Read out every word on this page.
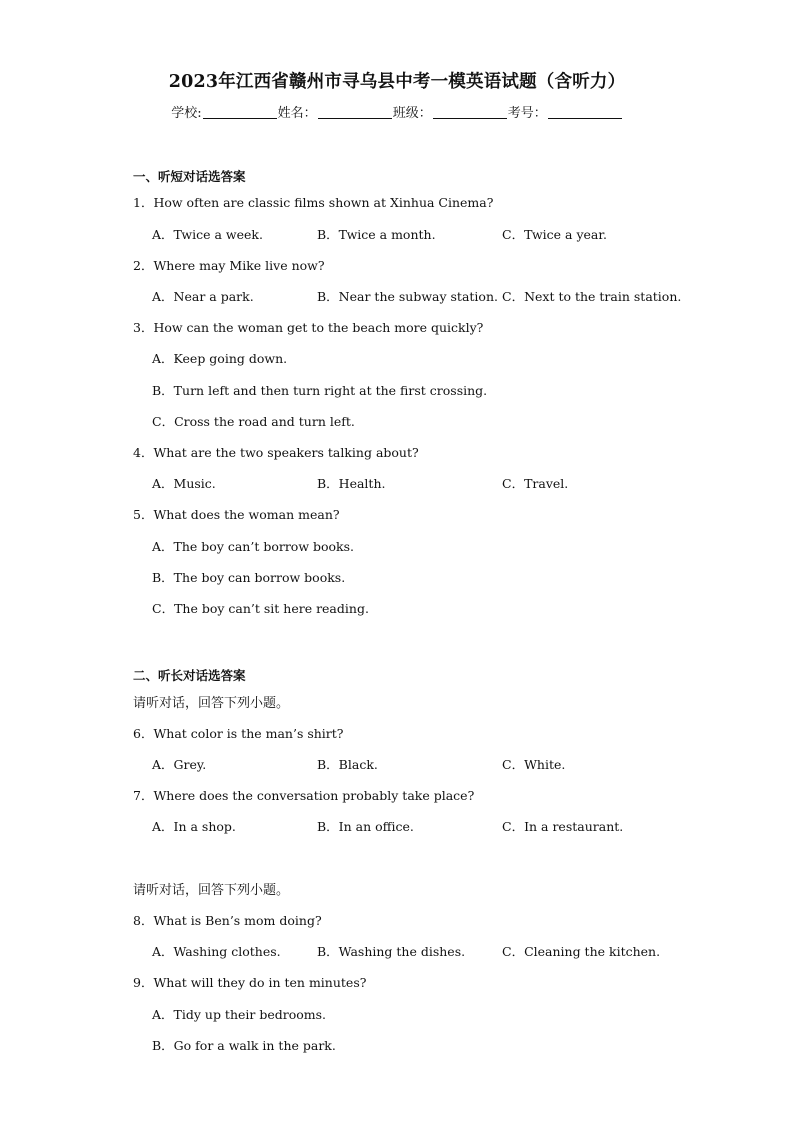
2023年江西省赣州市寻乌县中考一模英语试题（含听力）
学校:	姓名：	班级：	考号：
一、听短对话选答案
1．How often are classic films shown at Xinhua Cinema?
A．Twice a week.	B．Twice a month.	C．Twice a year.
2．Where may Mike live now?
A．Near a park.	B．Near the subway station. C．Next to the train station.
3．How can the woman get to the beach more quickly?
A．Keep going down.
B．Turn left and then turn right at the first crossing.
C．Cross the road and turn left.
4．What are the two speakers talking about?
A．Music.	B．Health.	C．Travel.
5．What does the woman mean?
A．The boy can’t borrow books.
B．The boy can borrow books.
C．The boy can’t sit here reading.
二、听长对话选答案
请听对话，回答下列小题。
6．What color is the man’s shirt?
A．Grey.	B．Black.	C．White.
7．Where does the conversation probably take place?
A．In a shop.	B．In an office.	C．In a restaurant.
请听对话，回答下列小题。
8．What is Ben’s mom doing?
A．Washing clothes.	B．Washing the dishes.	C．Cleaning the kitchen.
9．What will they do in ten minutes?
A．Tidy up their bedrooms.
B．Go for a walk in the park.
